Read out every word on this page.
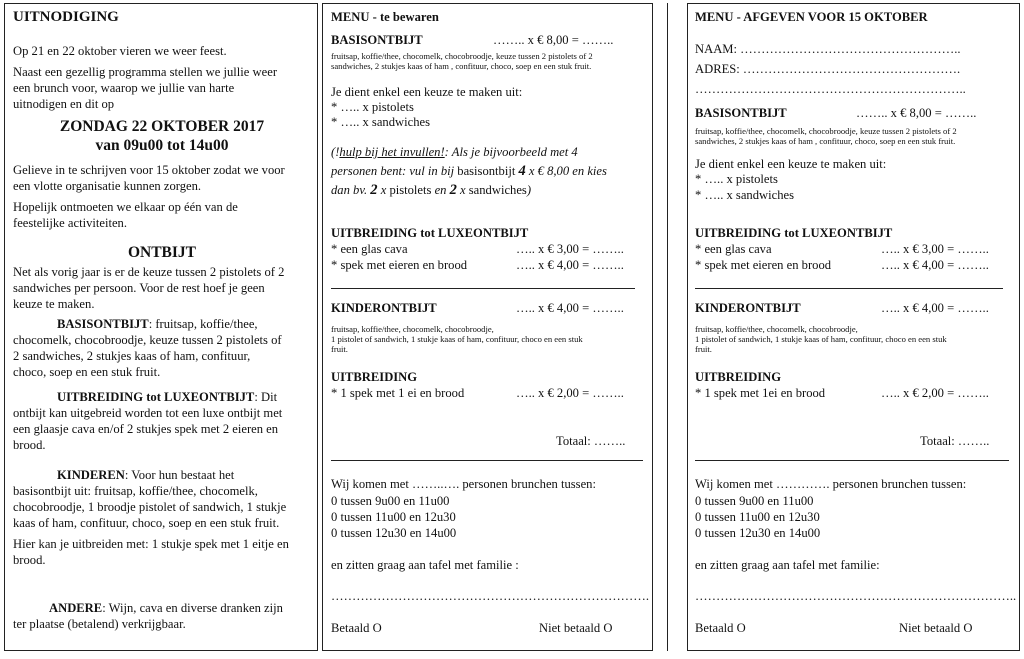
UITNODIGING
Op 21 en 22 oktober vieren we weer feest.
Naast een gezellig programma stellen we jullie weer
een brunch voor, waarop we jullie van harte
uitnodigen en dit op
ZONDAG 22 OKTOBER 2017
van 09u00 tot 14u00
Gelieve in te schrijven voor 15 oktober zodat we voor
een vlotte organisatie kunnen zorgen.
Hopelijk ontmoeten we elkaar op één van de
feestelijke activiteiten.
ONTBIJT
Net als vorig jaar is er de keuze tussen 2 pistolets of 2
sandwiches per persoon. Voor de rest hoef je geen
keuze te maken.
BASISONTBIJT: fruitsap, koffie/thee,
chocomelk, chocobroodje, keuze tussen 2 pistolets of
2 sandwiches, 2 stukjes kaas of ham, confituur,
choco, soep en een stuk fruit.
UITBREIDING tot LUXEONTBIJT: Dit
ontbijt kan uitgebreid worden tot een luxe ontbijt met
een glaasje cava en/of 2 stukjes spek met 2 eieren en
brood.
KINDEREN: Voor hun bestaat het
basisontbijt uit: fruitsap, koffie/thee, chocomelk,
chocobroodje, 1 broodje pistolet of sandwich, 1 stukje
kaas of ham, confituur, choco, soep en een stuk fruit.
Hier kan je uitbreiden met: 1 stukje spek met 1 eitje en
brood.
ANDERE: Wijn, cava en diverse dranken zijn
ter plaatse (betalend) verkrijgbaar.
MENU - te bewaren
BASISONTBIJT	…….. x € 8,00 = ……..
fruitsap, koffie/thee, chocomelk, chocobroodje, keuze tussen 2 pistolets of 2
sandwiches, 2 stukjes kaas of ham , confituur, choco, soep en een stuk fruit.
Je dient enkel een keuze te maken uit:
* ….. x pistolets
* ….. x sandwiches
(!hulp bij het invullen!: Als je bijvoorbeeld met 4
personen bent: vul in bij basisontbijt 4 x € 8,00 en kies
dan bv. 2 x pistolets en 2 x sandwiches)
UITBREIDING tot LUXEONTBIJT
* een glas cava	….. x € 3,00 = ……..
* spek met eieren en brood	….. x € 4,00 = ……..
KINDERONTBIJT	….. x € 4,00 = ……..
fruitsap, koffie/thee, chocomelk, chocobroodje,
1 pistolet of sandwich, 1 stukje kaas of ham, confituur, choco en een stuk
fruit.
UITBREIDING
* 1 spek met 1 ei en brood	….. x € 2,00 = ……..
Totaal: ……..
Wij komen met ……..…. personen brunchen tussen:
0 tussen 9u00 en 11u00
0 tussen 11u00 en 12u30
0 tussen 12u30 en 14u00
en zitten graag aan tafel met familie :
………………………………………………………………….
Betaald O	Niet betaald O
MENU - AFGEVEN VOOR 15 OKTOBER
NAAM: ……………………………………………..
ADRES: …………………………………………….
………………………………………………………..
BASISONTBIJT	…….. x € 8,00 = ……..
fruitsap, koffie/thee, chocomelk, chocobroodje, keuze tussen 2 pistolets of 2
sandwiches, 2 stukjes kaas of ham , confituur, choco, soep en een stuk fruit.
Je dient enkel een keuze te maken uit:
* ….. x pistolets
* ….. x sandwiches
UITBREIDING tot LUXEONTBIJT
* een glas cava	….. x € 3,00 = ……..
* spek met eieren en brood	….. x € 4,00 = ……..
KINDERONTBIJT	….. x € 4,00 = ……..
fruitsap, koffie/thee, chocomelk, chocobroodje,
1 pistolet of sandwich, 1 stukje kaas of ham, confituur, choco en een stuk
fruit.
UITBREIDING
* 1 spek met 1ei en brood	….. x € 2,00 = ……..
Totaal: ……..
Wij komen met …………. personen brunchen tussen:
0 tussen 9u00 en 11u00
0 tussen 11u00 en 12u30
0 tussen 12u30 en 14u00
en zitten graag aan tafel met familie:
…………………………………………………………………..
Betaald O	Niet betaald O
